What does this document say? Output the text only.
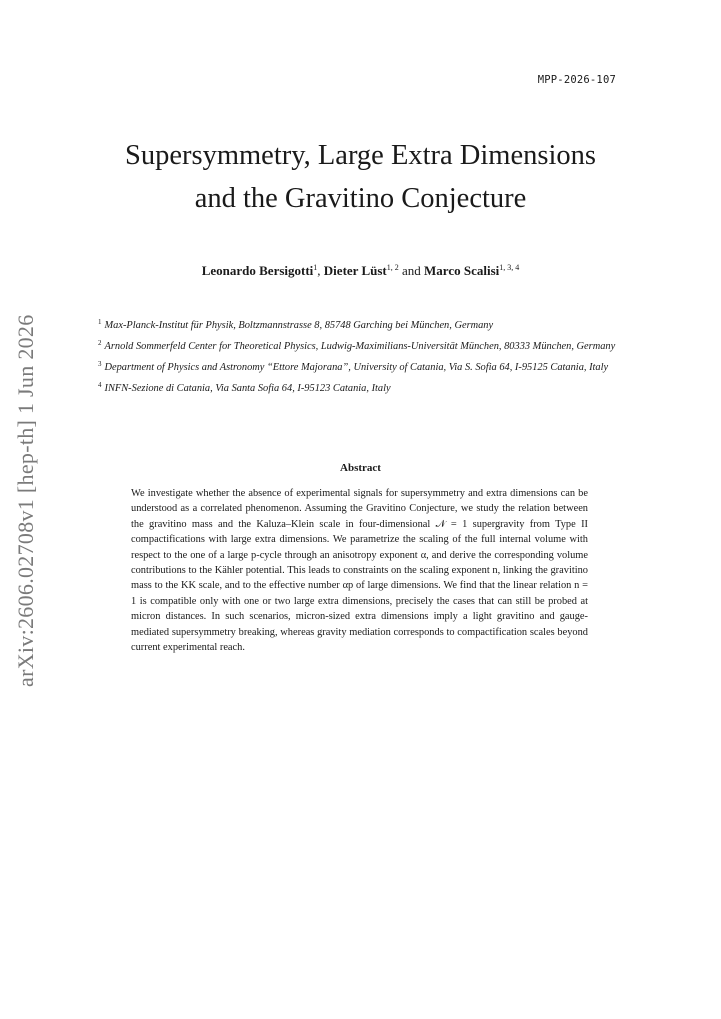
MPP-2026-107
Supersymmetry, Large Extra Dimensions
and the Gravitino Conjecture
Leonardo Bersigotti$^1$, Dieter Lüst$^{1, 2}$ and Marco Scalisi$^{1, 3, 4}$
arXiv:2606.02708v1 [hep-th] 1 Jun 2026	$^1$ Max-Planck-Institut für Physik, Boltzmannstrasse 8, 85748 Garching bei München, Germany
$^2$ Arnold Sommerfeld Center for Theoretical Physics, Ludwig-Maximilians-Universität München, 80333 München, Germany
$^3$ Department of Physics and Astronomy “Ettore Majorana”, University of Catania, Via S. Sofia 64, I-95125 Catania, Italy
$^4$ INFN-Sezione di Catania, Via Santa Sofia 64, I-95123 Catania, Italy
Abstract
We investigate whether the absence of experimental signals for supersymmetry and extra dimensions can be understood as a correlated phenomenon. Assuming the Gravitino Conjecture, we study the relation between the gravitino mass and the Kaluza–Klein scale in four-dimensional 𝒩 = 1 supergravity from Type II compactifications with large extra dimensions. We parametrize the scaling of the full internal volume with respect to the one of a large p-cycle through an anisotropy exponent α, and derive the corresponding volume contributions to the Kähler potential. This leads to constraints on the scaling exponent n, linking the gravitino mass to the KK scale, and to the effective number αp of large dimensions. We find that the linear relation n = 1 is compatible only with one or two large extra dimensions, precisely the cases that can still be probed at micron distances. In such scenarios, micron-sized extra dimensions imply a light gravitino and gauge-mediated supersymmetry breaking, whereas gravity mediation corresponds to compactification scales beyond current experimental reach.
